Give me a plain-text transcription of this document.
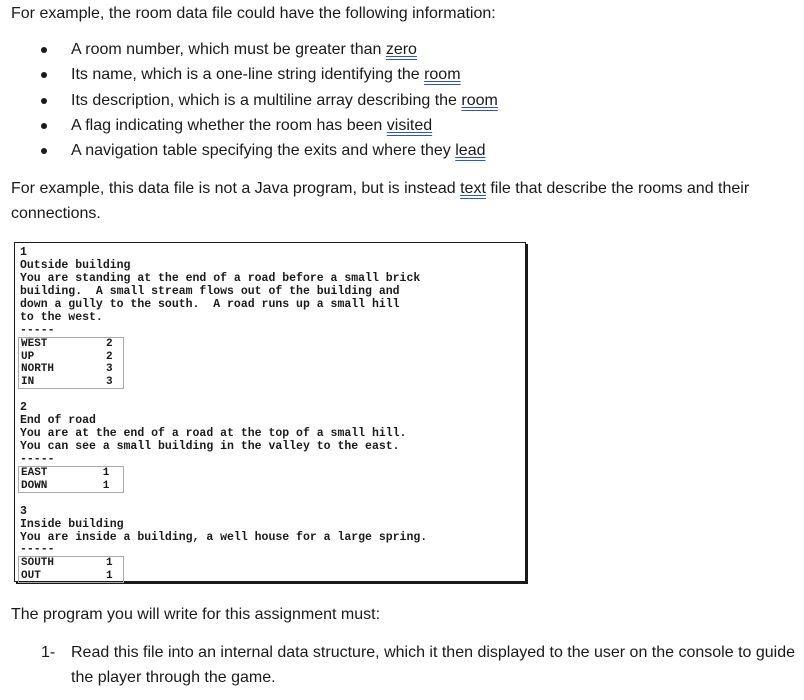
For example, the room data file could have the following information:
A room number, which must be greater than zero
Its name, which is a one-line string identifying the room
Its description, which is a multiline array describing the room
A flag indicating whether the room has been visited
A navigation table specifying the exits and where they lead
For example, this data file is not a Java program, but is instead text file that describe the rooms and their connections.
1
Outside building
You are standing at the end of a road before a small brick
building.  A small stream flows out of the building and
down a gully to the south.  A road runs up a small hill
to the west.
-----
WEST	2
UP	2
NORTH	3
IN	3
2
End of road
You are at the end of a road at the top of a small hill.
You can see a small building in the valley to the east.
-----
EAST	1
DOWN	1
3
Inside building
You are inside a building, a well house for a large spring.
-----
SOUTH	1
OUT	1
The program you will write for this assignment must:
1- Read this file into an internal data structure, which it then displayed to the user on the console to guide the player through the game.
